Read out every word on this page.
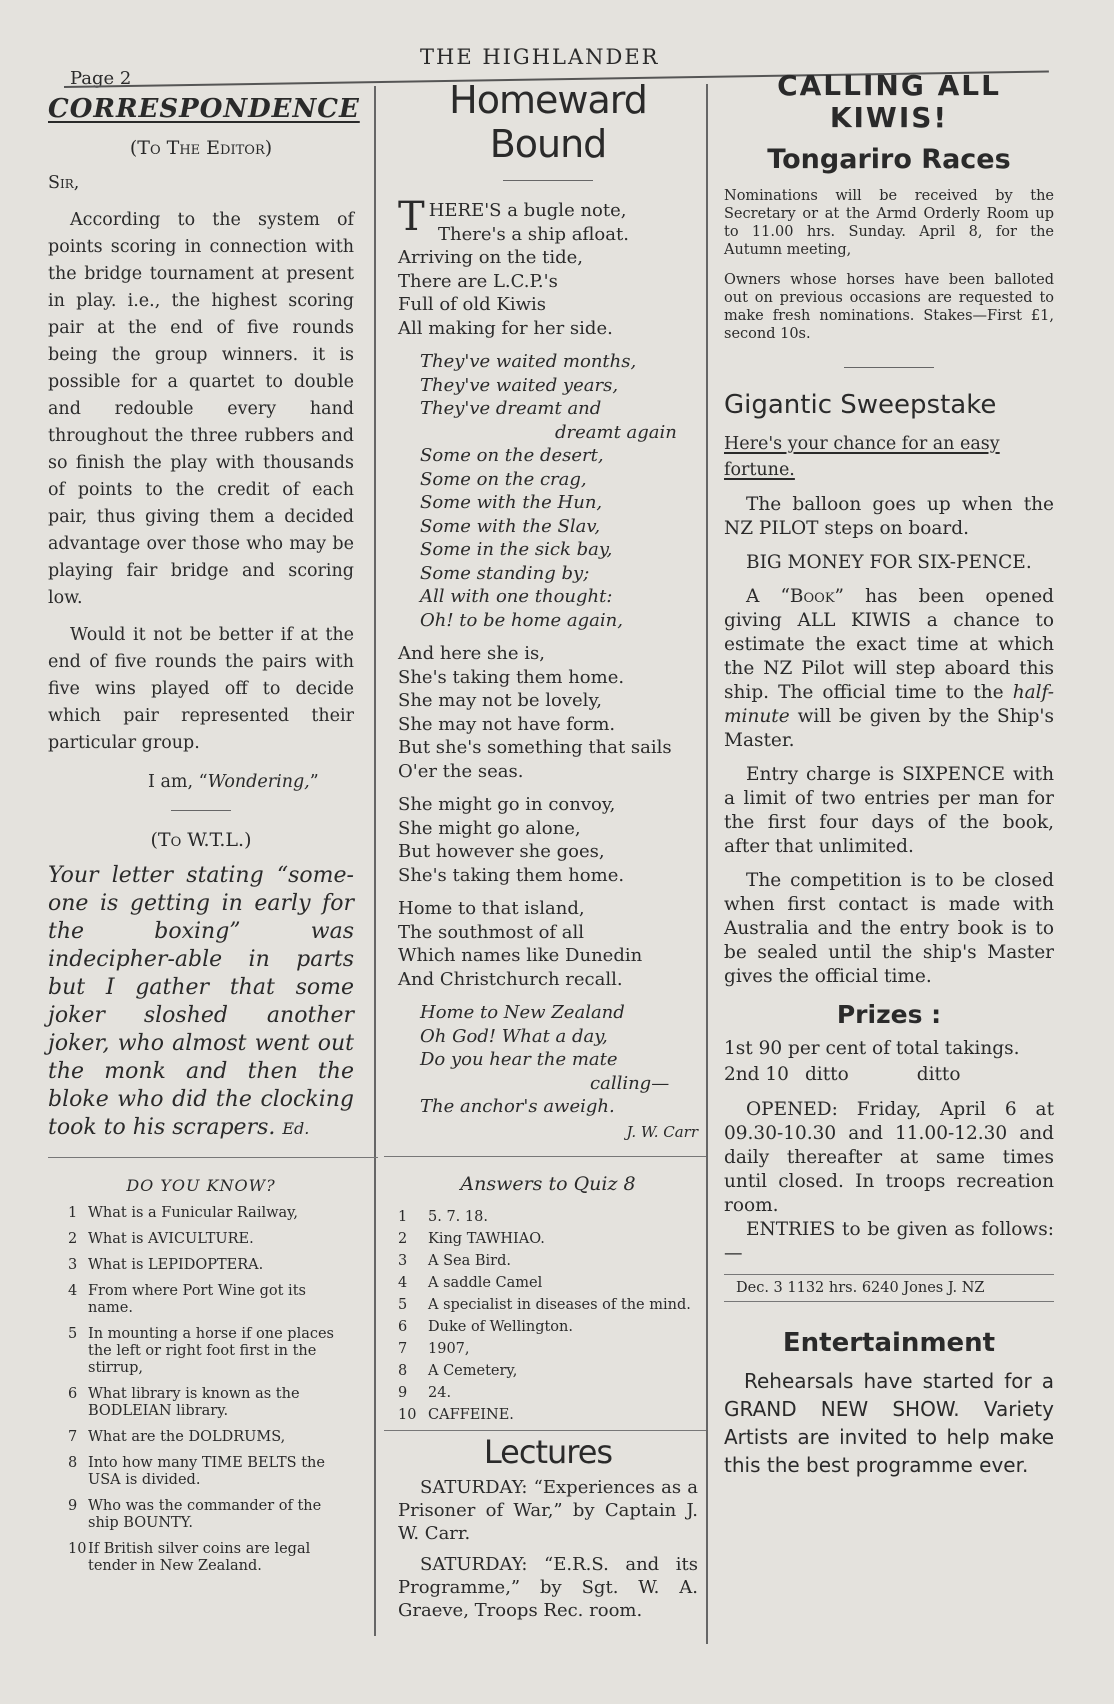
Page 2
THE HIGHLANDER
CORRESPONDENCE
(To The Editor)
Sir,

According to the system of points scoring in connection with the bridge tournament at present in play. i.e., the highest scoring pair at the end of five rounds being the group winners. it is possible for a quartet to double and redouble every hand throughout the three rubbers and so finish the play with thousands of points to the credit of each pair, thus giving them a decided advantage over those who may be playing fair bridge and scoring low.

Would it not be better if at the end of five rounds the pairs with five wins played off to decide which pair represented their particular group.

I am, “Wondering,”
(To W.T.L.)

Your letter stating “some-one is getting in early for the boxing” was indecipher-able in parts but I gather that some joker sloshed another joker, who almost went out the monk and then the bloke who did the clocking took to his scrapers. Ed.

DO YOU KNOW?
1 What is a Funicular Railway,
2 What is AVICULTURE.
3 What is LEPIDOPTERA.
4 From where Port Wine got its name.
5 In mounting a horse if one places the left or right foot first in the stirrup,
6 What library is known as the BODLEIAN library.
7 What are the DOLDRUMS,
8 Into how many TIME BELTS the USA is divided.
9 Who was the commander of the ship BOUNTY.
10 If British silver coins are legal tender in New Zealand.
Homeward Bound
T HERE'S a bugle note,
There's a ship afloat.
Arriving on the tide,
There are L.C.P.'s
Full of old Kiwis
All making for her side.
They've waited months,
They've waited years,
They've dreamt and
dreamt again
Some on the desert,
Some on the crag,
Some with the Hun,
Some with the Slav,
Some in the sick bay,
Some standing by;
All with one thought:
Oh! to be home again,
And here she is,
She's taking them home.
She may not be lovely,
She may not have form.
But she's something that sails
O'er the seas.
She might go in convoy,
She might go alone,
But however she goes,
She's taking them home.
Home to that island,
The southmost of all
Which names like Dunedin
And Christchurch recall.
Home to New Zealand
Oh God! What a day,
Do you hear the mate
calling—
The anchor's aweigh.
J. W. Carr
Answers to Quiz 8
1	5. 7. 18.
2	King TAWHIAO.
3	A Sea Bird.
4	A saddle Camel
5	A specialist in diseases of the mind.
6	Duke of Wellington.
7	1907,
8	A Cemetery,
9	24.
10 CAFFEINE.
Lectures

SATURDAY: “Experiences as a Prisoner of War,” by Captain J. W. Carr.

SATURDAY: “E.R.S. and its Programme,” by Sgt. W. A. Graeve, Troops Rec. room.

CALLING ALL
KIWIS!
Tongariro Races

Nominations will be received by the Secretary or at the Armd Orderly Room up to 11.00 hrs. Sunday. April 8, for the Autumn meeting,

Owners whose horses have been balloted out on previous occasions are requested to make fresh nominations. Stakes—First £1, second 10s.

Gigantic Sweepstake
Here's your chance for an easy fortune.

The balloon goes up when the NZ PILOT steps on board.

BIG MONEY FOR SIX-PENCE.

A “Book” has been opened giving ALL KIWIS a chance to estimate the exact time at which the NZ Pilot will step aboard this ship. The official time to the half-minute will be given by the Ship's Master.

Entry charge is SIXPENCE with a limit of two entries per man for the first four days of the book, after that unlimited.

The competition is to be closed when first contact is made with Australia and the entry book is to be sealed until the ship's Master gives the official time.

Prizes :
1st 90 per cent of total takings.
2nd 10 ditto	ditto

OPENED: Friday, April 6 at 09.30-10.30 and 11.00-12.30 and daily thereafter at same times until closed. In troops recreation room.

ENTRIES to be given as follows:—

Dec. 3 1132 hrs. 6240 Jones J. NZ
Entertainment

Rehearsals have started for a GRAND NEW SHOW. Variety Artists are invited to help make this the best programme ever.
